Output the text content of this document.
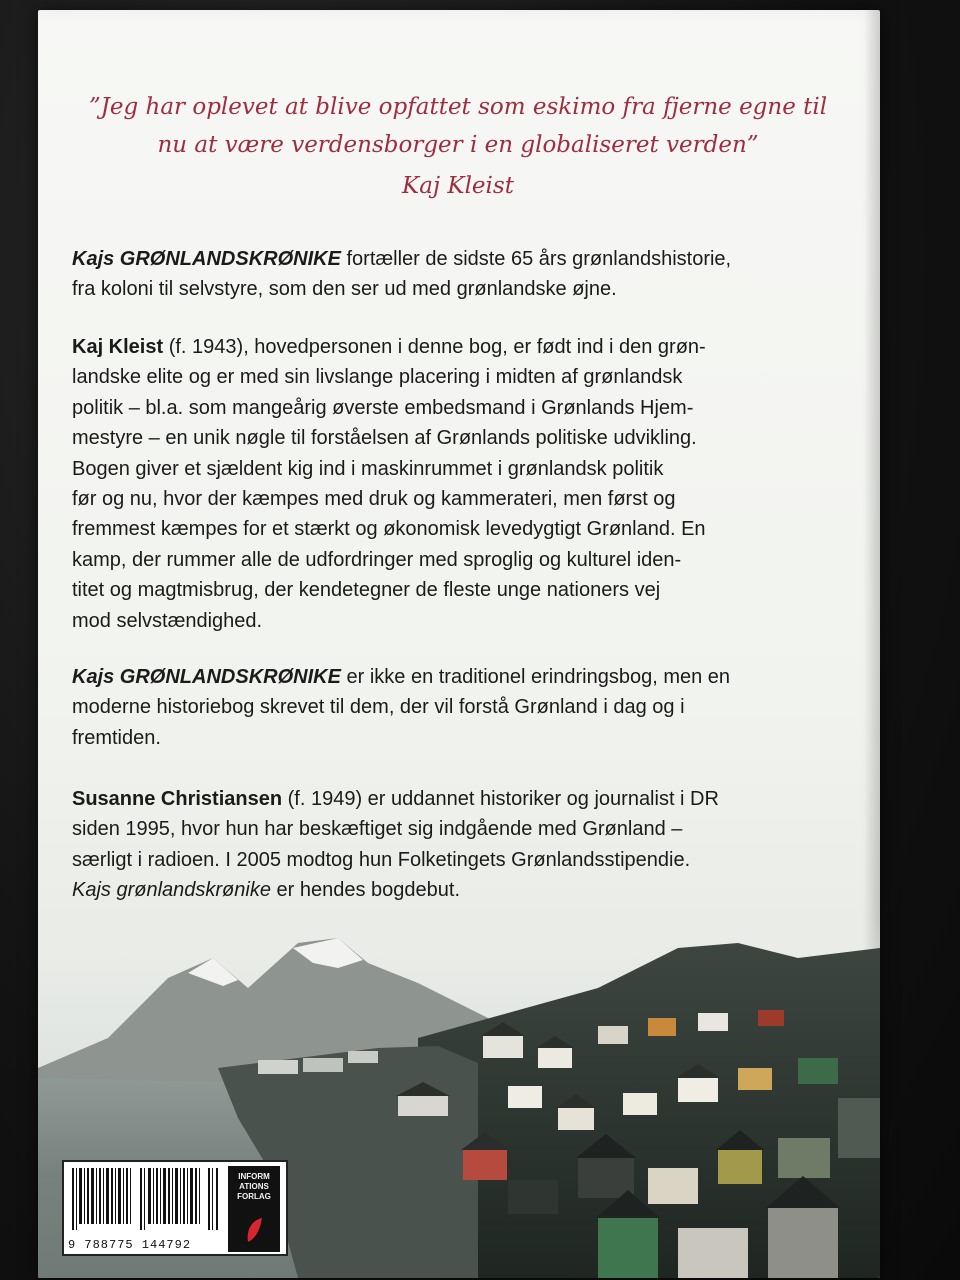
”Jeg har oplevet at blive opfattet som eskimo fra fjerne egne til
nu at være verdensborger i en globaliseret verden”
Kaj Kleist
Kajs GRØNLANDSKRØNIKE fortæller de sidste 65 års grønlandshistorie,
fra koloni til selvstyre, som den ser ud med grønlandske øjne.
Kaj Kleist (f. 1943), hovedpersonen i denne bog, er født ind i den grøn-
landske elite og er med sin livslange placering i midten af grønlandsk
politik – bl.a. som mangeårig øverste embedsmand i Grønlands Hjem-
mestyre – en unik nøgle til forståelsen af Grønlands politiske udvikling.
Bogen giver et sjældent kig ind i maskinrummet i grønlandsk politik
før og nu, hvor der kæmpes med druk og kammerateri, men først og
fremmest kæmpes for et stærkt og økonomisk levedygtigt Grønland. En
kamp, der rummer alle de udfordringer med sproglig og kulturel iden-
titet og magtmisbrug, der kendetegner de fleste unge nationers vej
mod selvstændighed.
Kajs GRØNLANDSKRØNIKE er ikke en traditionel erindringsbog, men en
moderne historiebog skrevet til dem, der vil forstå Grønland i dag og i
fremtiden.
Susanne Christiansen (f. 1949) er uddannet historiker og journalist i DR
siden 1995, hvor hun har beskæftiget sig indgående med Grønland –
særligt i radioen. I 2005 modtog hun Folketingets Grønlandsstipendie.
Kajs grønlandskrønike er hendes bogdebut.
9 788775 144792
INFORM
ATIONS
FORLAG
